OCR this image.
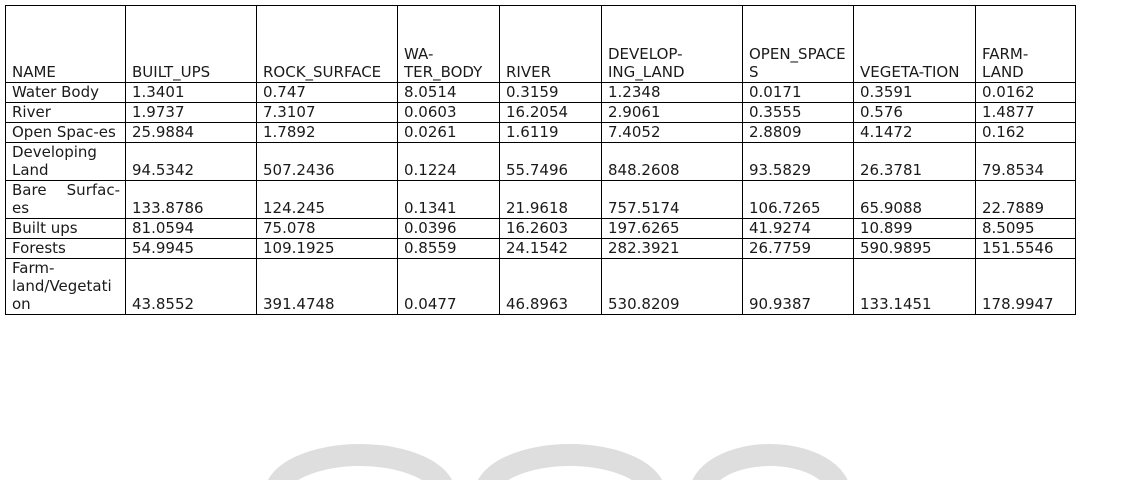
NAME	BUILT_UPS	ROCK_SURFACE	WA-TER_BODY	RIVER	DEVELOP-ING_LAND	OPEN_SPACES	VEGETA-TION	FARM-LAND
Water Body	1.3401	0.747	8.0514	0.3159	1.2348	0.0171	0.3591	0.0162
River	1.9737	7.3107	0.0603	16.2054	2.9061	0.3555	0.576	1.4877
Open Spac-es	25.9884	1.7892	0.0261	1.6119	7.4052	2.8809	4.1472	0.162
Developing Land	94.5342	507.2436	0.1224	55.7496	848.2608	93.5829	26.3781	79.8534
Bare Surfac-es	133.8786	124.245	0.1341	21.9618	757.5174	106.7265	65.9088	22.7889
Built ups	81.0594	75.078	0.0396	16.2603	197.6265	41.9274	10.899	8.5095
Forests	54.9945	109.1925	0.8559	24.1542	282.3921	26.7759	590.9895	151.5546
Farm-land/Vegetation	43.8552	391.4748	0.0477	46.8963	530.8209	90.9387	133.1451	178.9947
